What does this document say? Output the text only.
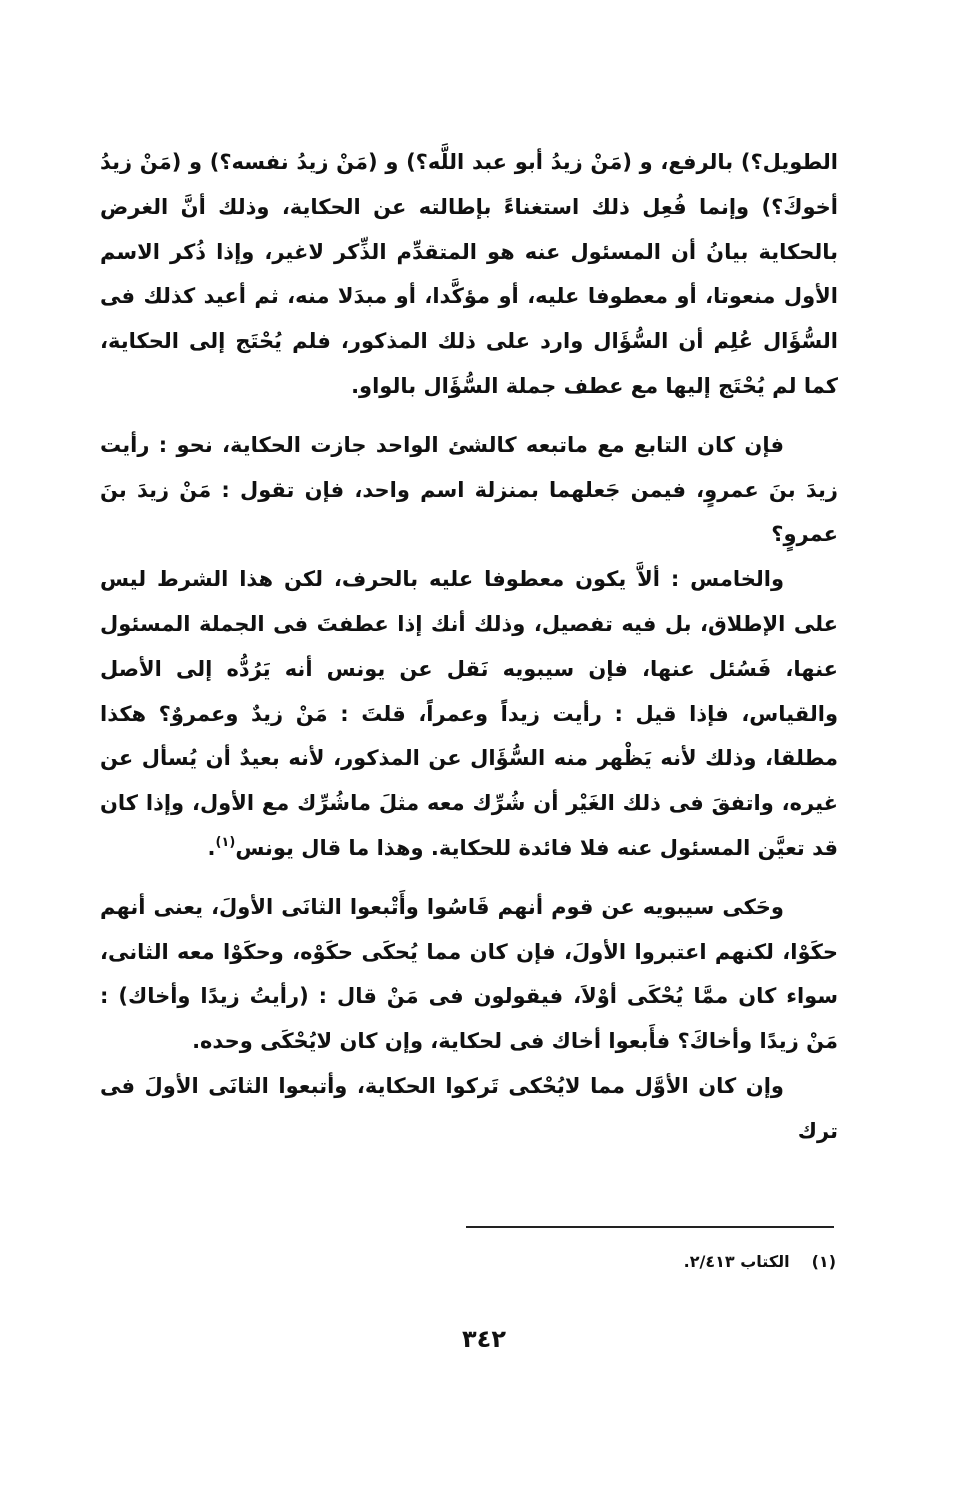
الطويل؟) بالرفع، و (مَنْ زيدُ أبو عبد اللَّه؟) و (مَنْ زيدُ نفسه؟) و (مَنْ زيدُ أخوكَ؟) وإنما فُعِل ذلك استغناءً بإطالته عن الحكاية، وذلك أنَّ الغرض بالحكاية بيانُ أن المسئول عنه هو المتقدِّم الذِّكر لاغير، وإذا ذُكر الاسم الأول منعوتا، أو معطوفا عليه، أو مؤكَّدا، أو مبدَلا منه، ثم أعيد كذلك فى السُّؤَال عُلِم أن السُّؤَال وارد على ذلك المذكور، فلم يُحْتَج إلى الحكاية، كما لم يُحْتَج إليها مع عطف جملة السُّؤَال بالواو.

فإن كان التابع مع ماتبعه كالشئ الواحد جازت الحكاية، نحو : رأيت زيدَ بنَ عمروٍ، فيمن جَعلهما بمنزلة اسم واحد، فإن تقول : مَنْ زيدَ بنَ عمروٍ؟

والخامس : ألاَّ يكون معطوفا عليه بالحرف، لكن هذا الشرط ليس على الإطلاق، بل فيه تفصيل، وذلك أنك إذا عطفتَ فى الجملة المسئول عنها، فَسُئل عنها، فإن سيبويه نَقل عن يونس أنه يَرُدُّه إلى الأصل والقياس، فإذا قيل : رأيت زيداً وعمراً، قلتَ : مَنْ زيدٌ وعمروٌ؟ هكذا مطلقا، وذلك لأنه يَظْهر منه السُّؤَال عن المذكور، لأنه بعيدٌ أن يُسأل عن غيره، واتفقَ فى ذلك الغَيْر أن شُرِّك معه مثلَ ماشُرِّك مع الأول، وإذا كان قد تعيَّن المسئول عنه فلا فائدة للحكاية. وهذا ما قال يونس$^{(١)}$.

وحَكى سيبويه عن قوم أنهم قَاسُوا وأَتْبعوا الثانَى الأولَ، يعنى أنهم حكَوْا، لكنهم اعتبروا الأولَ، فإن كان مما يُحكَى حكَوْه، وحكَوْا معه الثانى، سواء كان ممَّا يُحْكَى أوْلاَ، فيقولون فى مَنْ قال : (رأيتُ زيدًا وأخاك) : مَنْ زيدًا وأخاكَ؟ فأَبعوا أخاك فى لحكاية، وإن كان لايُحْكَى وحده.

وإن كان الأوَّل مما لايُحْكى تَركوا الحكاية، وأتبعوا الثانَى الأولَ فى ترك

(١)الكتاب ٢/٤١٣.
٣٤٢
